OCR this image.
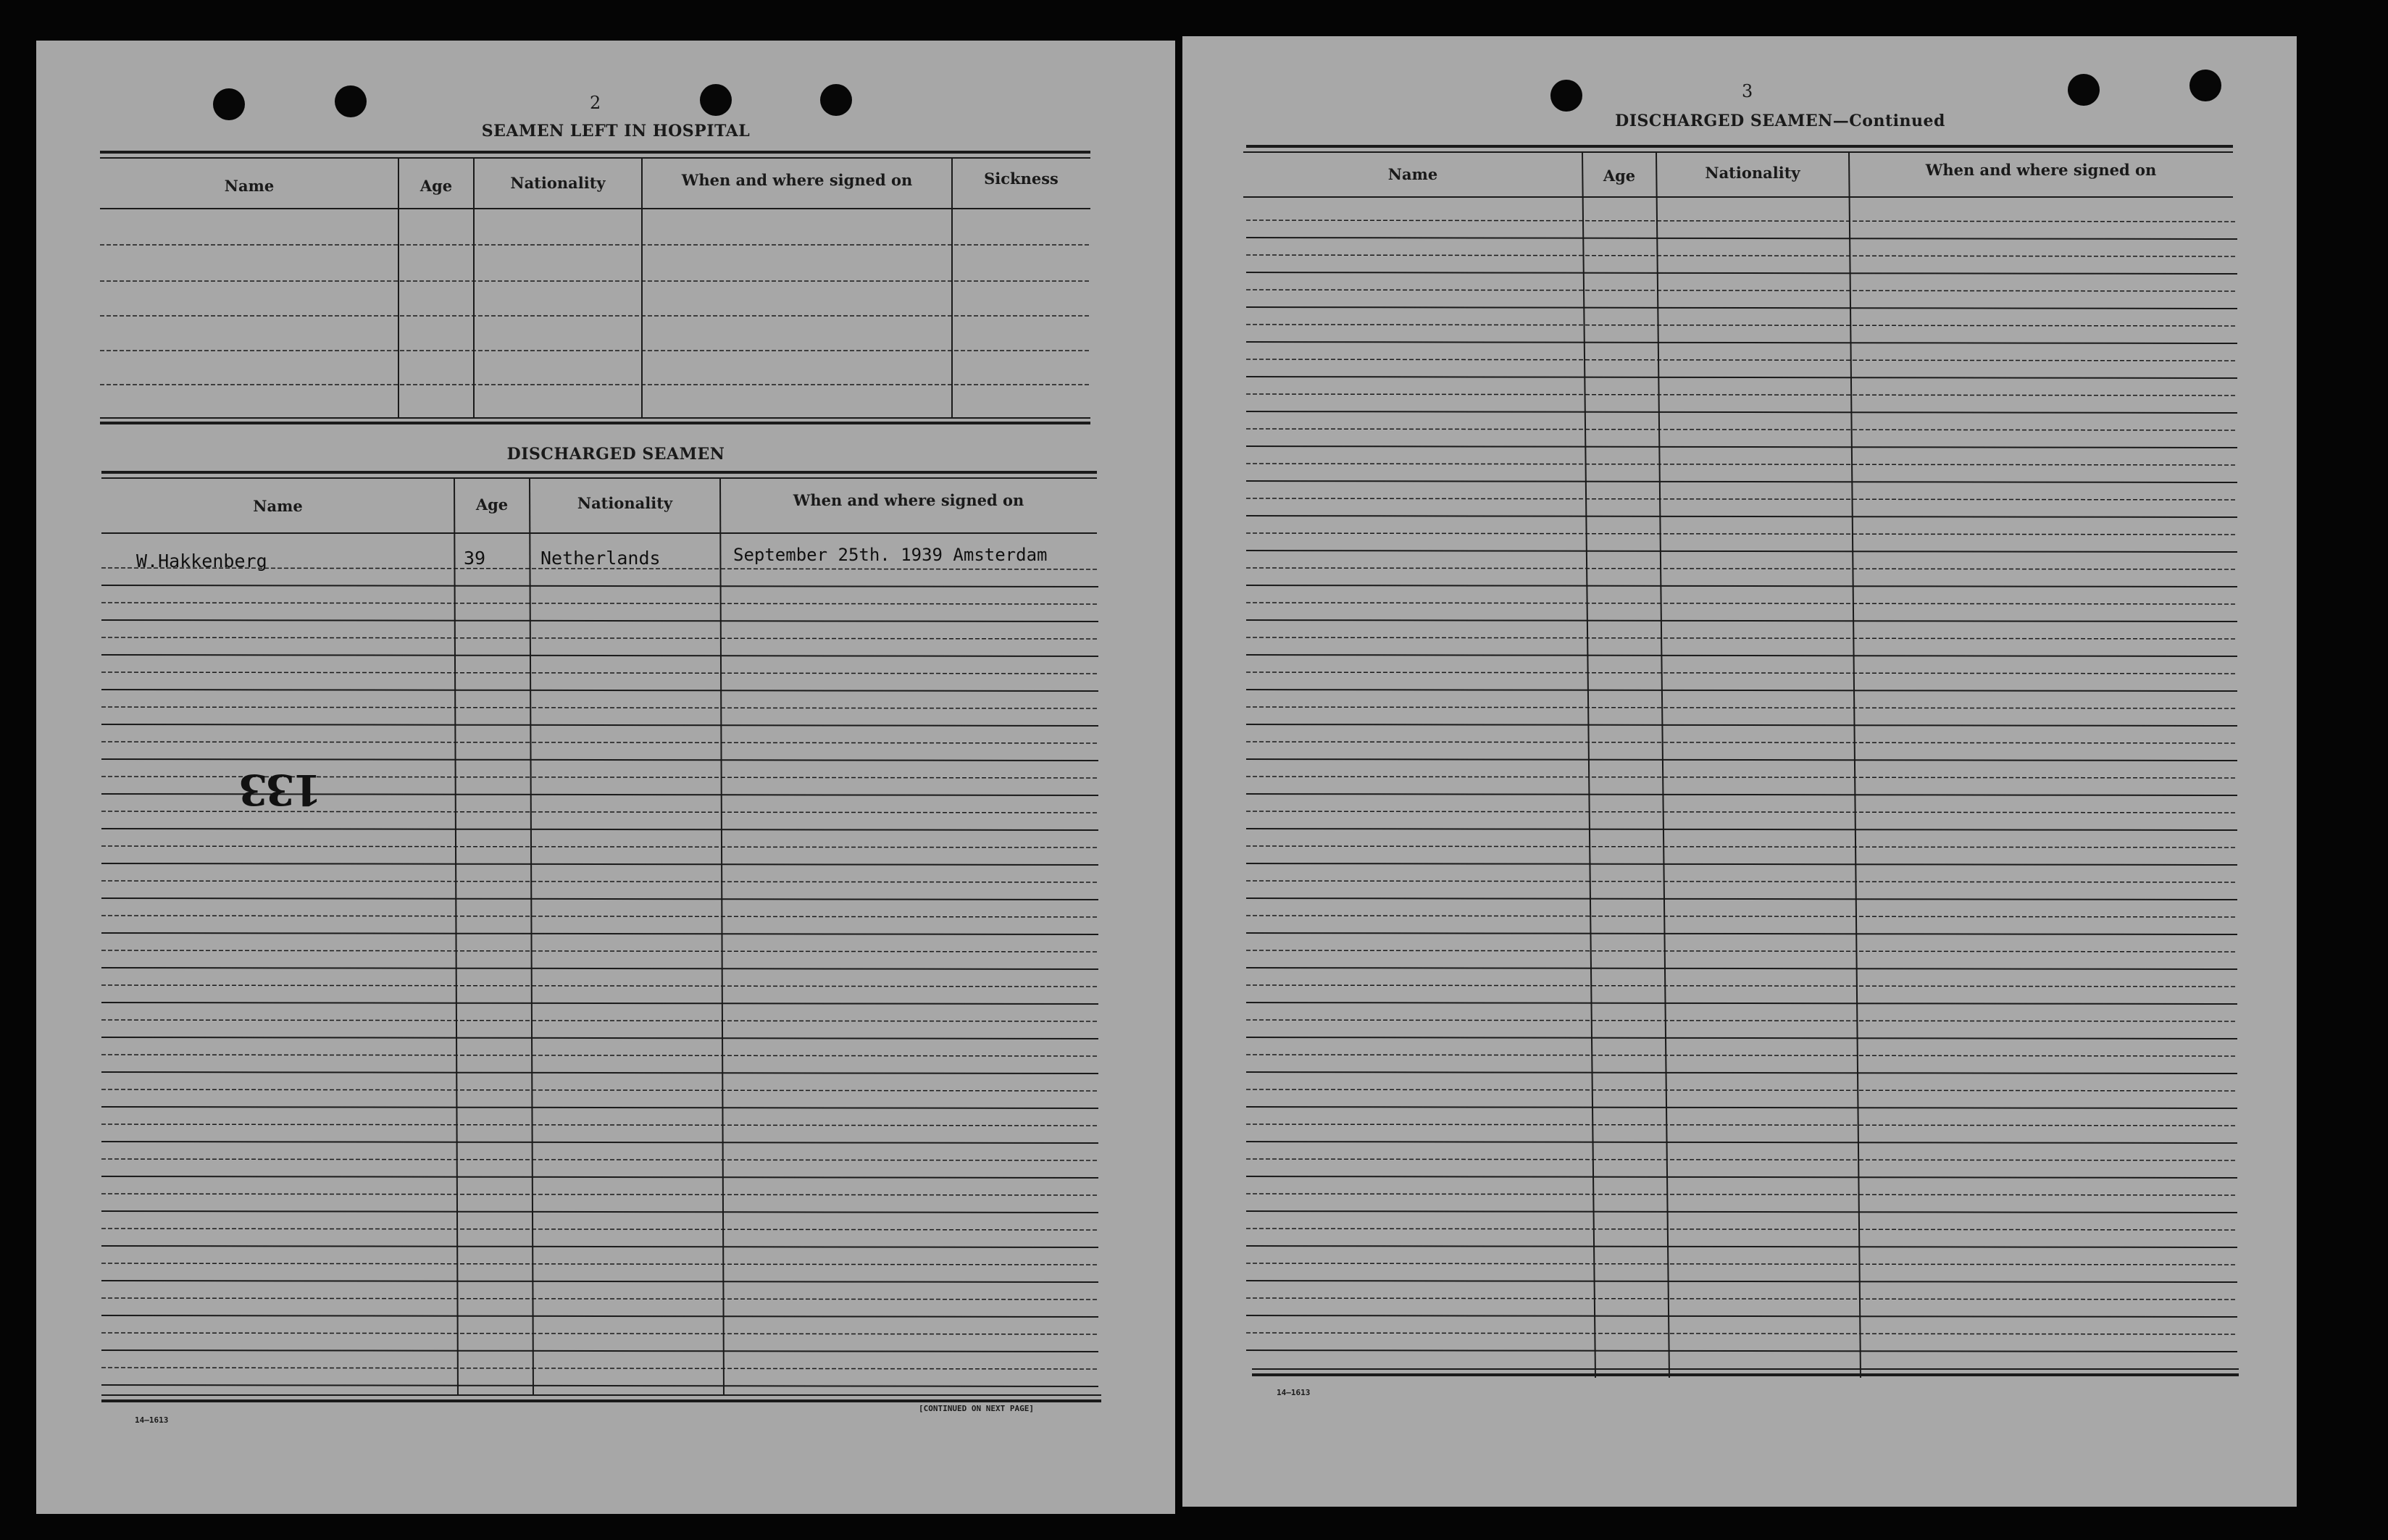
2
SEAMEN LEFT IN HOSPITAL
Name	Age	Nationality	When and where signed on	Sickness
DISCHARGED SEAMEN
Name	Age	Nationality	When and where signed on
W.Hakkenberg	39	Netherlands	September 25th. 1939 Amsterdam
133
14—1613
[CONTINUED ON NEXT PAGE]
3
DISCHARGED SEAMEN—Continued
Name	Age	Nationality	When and where signed on
14—1613
